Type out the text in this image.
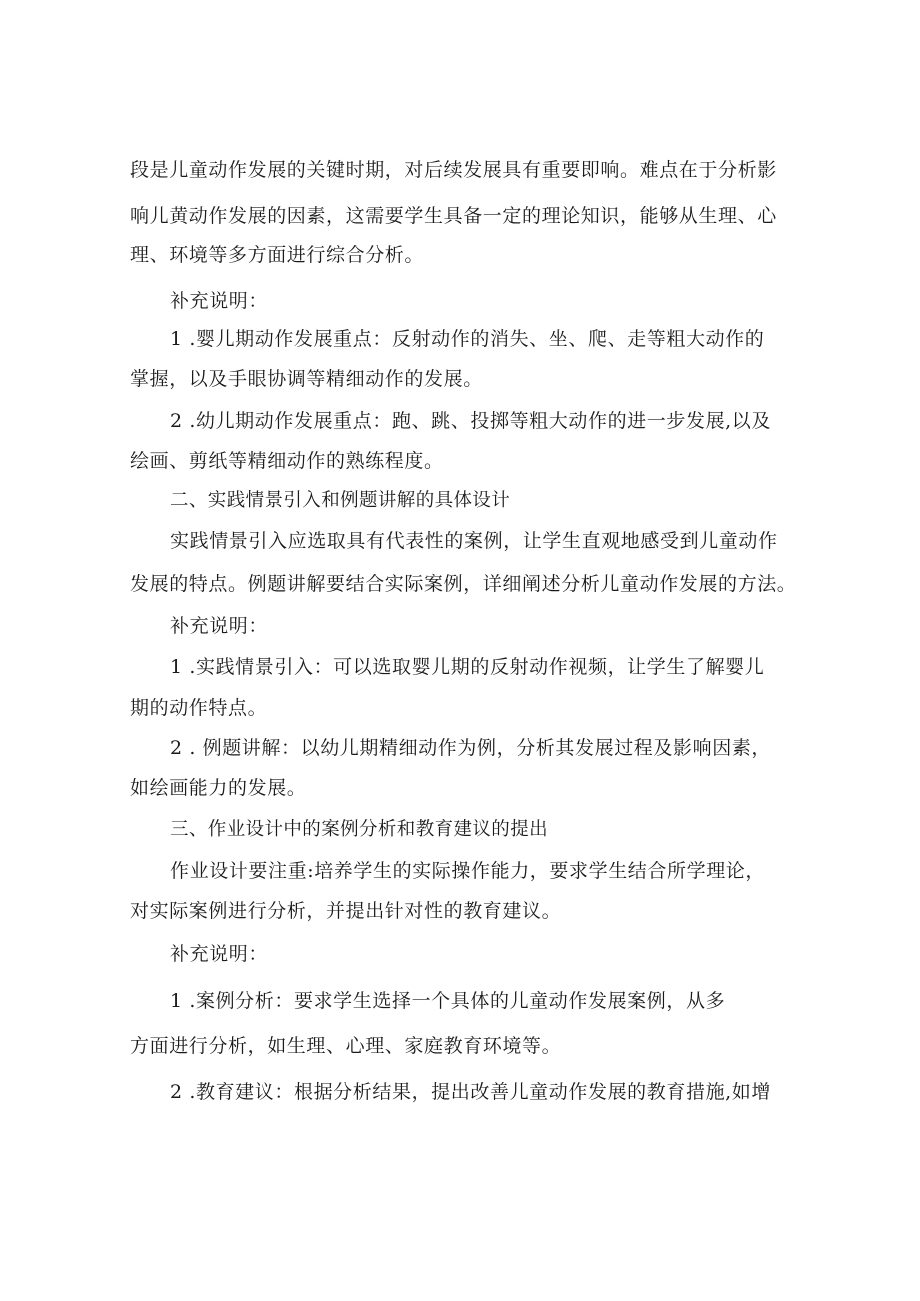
段是儿童动作发展的关键时期，对后续发展具有重要即响。难点在于分析影
响儿黄动作发展的因素，这需要学生具备一定的理论知识，能够从生理、心
理、环境等多方面进行综合分析。
补充说明：
1 .婴儿期动作发展重点：反射动作的消失、坐、爬、走等粗大动作的
掌握，以及手眼协调等精细动作的发展。
2 .幼儿期动作发展重点：跑、跳、投掷等粗大动作的进一步发展,以及
绘画、剪纸等精细动作的熟练程度。
二、实践情景引入和例题讲解的具体设计
实践情景引入应选取具有代表性的案例，让学生直观地感受到儿童动作
发展的特点。例题讲解要结合实际案例，详细阐述分析儿童动作发展的方法。
补充说明：
1 .实践情景引入：可以选取婴儿期的反射动作视频，让学生了解婴儿
期的动作特点。
2 . 例题讲解：以幼儿期精细动作为例，分析其发展过程及影响因素，
如绘画能力的发展。
三、作业设计中的案例分析和教育建议的提出
作业设计要注重:培养学生的实际操作能力，要求学生结合所学理论，
对实际案例进行分析，并提出针对性的教育建议。
补充说明：
1 .案例分析：要求学生选择一个具体的儿童动作发展案例，从多
方面进行分析，如生理、心理、家庭教育环境等。
2 .教育建议：根据分析结果，提出改善儿童动作发展的教育措施,如增
